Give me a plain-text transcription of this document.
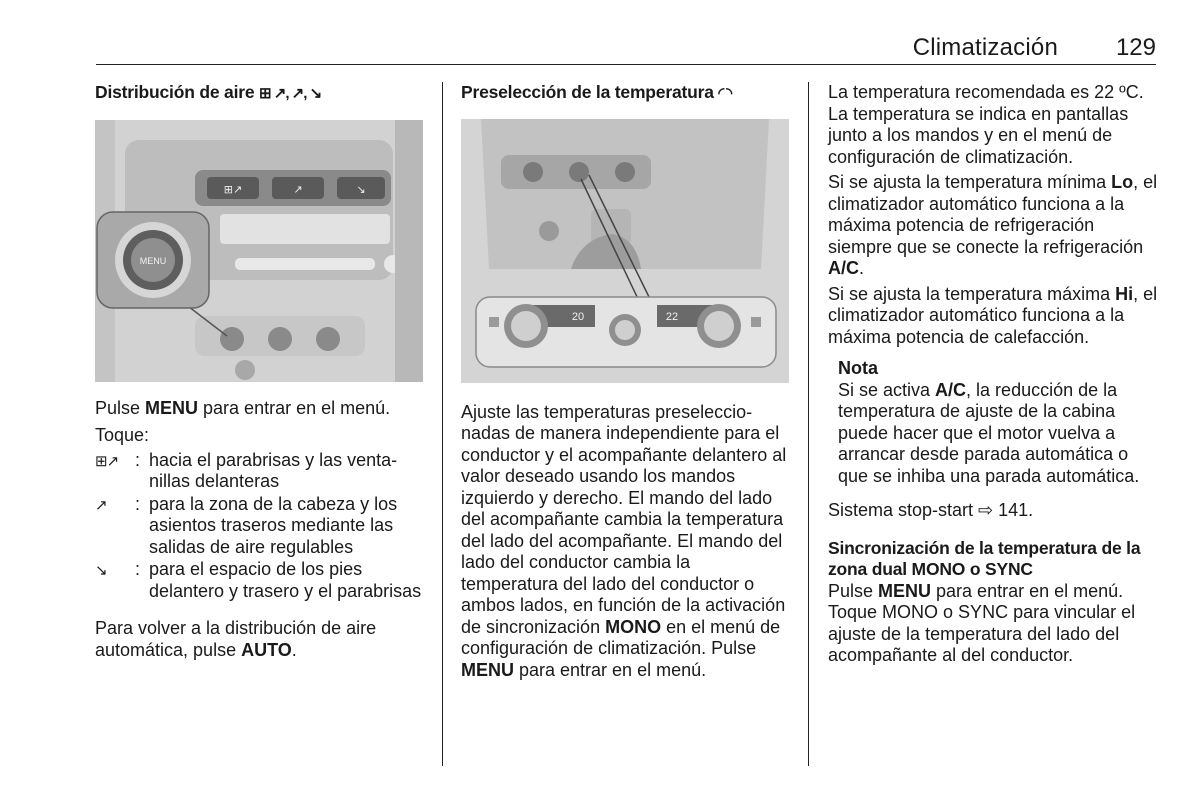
Climatización 129

Distribución de aire ⊞ ↗, ↗, ↘

⊞↗	↗	↘
MENU

Pulse MENU para entrar en el menú.

Toque:

⊞↗ : hacia el parabrisas y las ventanillas delanteras
↗	: para la zona de la cabeza y los asientos traseros mediante las salidas de aire regulables
↘	: para el espacio de los pies delantero y trasero y el parabrisas

Para volver a la distribución de aire automática, pulse AUTO.

Preselección de la temperatura ◜ ◝

20	22

Ajuste las temperaturas preseleccionadas de manera independiente para el conductor y el acompañante delantero al valor deseado usando los mandos izquierdo y derecho. El mando del lado del acompañante cambia la temperatura del lado del acompañante. El mando del lado del conductor cambia la temperatura del lado del conductor o ambos lados, en función de la activación de sincronización MONO en el menú de configuración de climatización. Pulse MENU para entrar en el menú.

La temperatura recomendada es 22 ºC. La temperatura se indica en pantallas junto a los mandos y en el menú de configuración de climatización.

Si se ajusta la temperatura mínima Lo, el climatizador automático funciona a la máxima potencia de refrigeración siempre que se conecte la refrigeración A/C.

Si se ajusta la temperatura máxima Hi, el climatizador automático funciona a la máxima potencia de calefacción.

Nota

Si se activa A/C, la reducción de la temperatura de ajuste de la cabina puede hacer que el motor vuelva a arrancar desde parada automática o que se inhiba una parada automática.

Sistema stop-start ⇨ 141.

Sincronización de la temperatura de la zona dual MONO o SYNC

Pulse MENU para entrar en el menú. Toque MONO o SYNC para vincular el ajuste de la temperatura del lado del acompañante al del conductor.
